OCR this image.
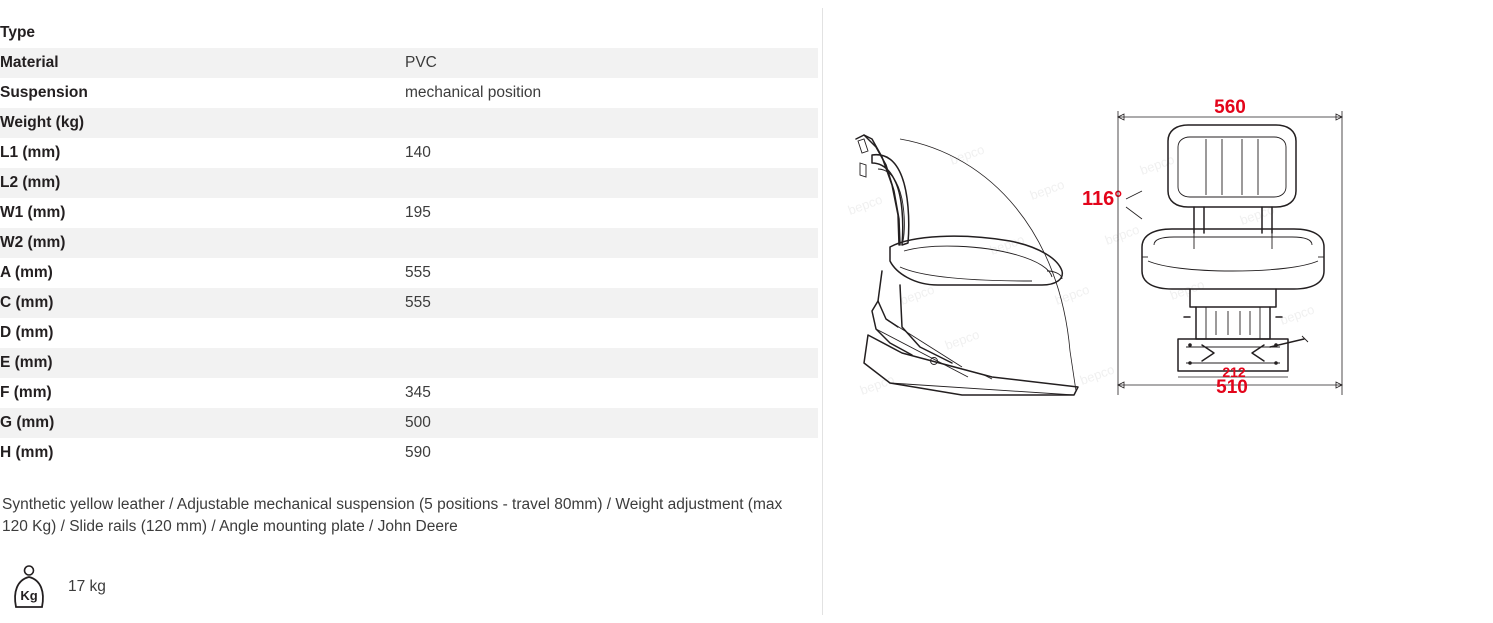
Type	
Material	PVC
Suspension	mechanical position
Weight (kg)	
L1 (mm)	140
L2 (mm)	
W1 (mm)	195
W2 (mm)	
A (mm)	555
C (mm)	555
D (mm)	
E (mm)	
F (mm)	345
G (mm)	500
H (mm)	590
Synthetic yellow leather / Adjustable mechanical suspension (5 positions - travel 80mm) / Weight adjustment (max 120 Kg) / Slide rails (120 mm) / Angle mounting plate / John Deere
Kg
17 kg
bepco
bepco
bepco
bepco
bepco
bepco
bepco
bepco
bepco
bepco
bepco
bepco
bepco
bepco
116°
560
212
510
